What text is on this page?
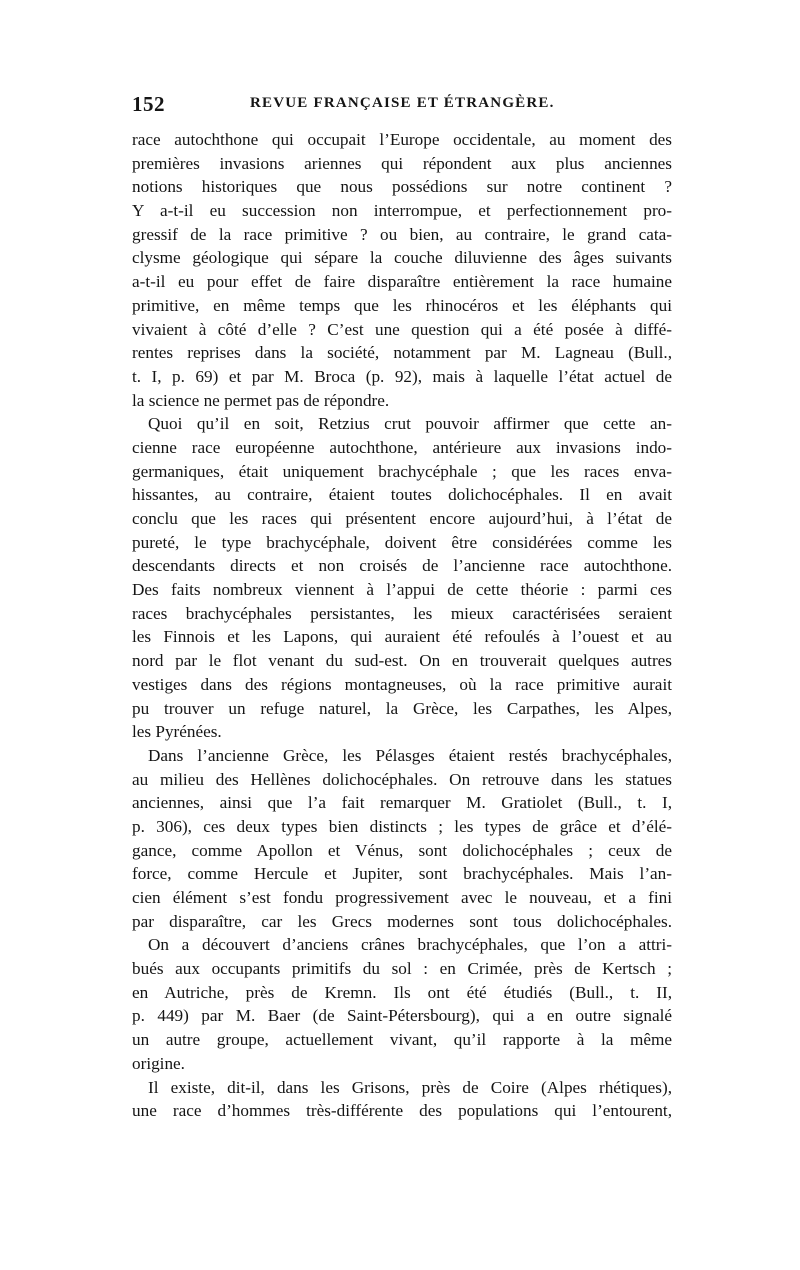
152	REVUE FRANÇAISE ET ÉTRANGÈRE.
race autochthone qui occupait l’Europe occidentale, au moment des
premières invasions ariennes qui répondent aux plus anciennes
notions historiques que nous possédions sur notre continent ?
Y a-t-il eu succession non interrompue, et perfectionnement pro-
gressif de la race primitive ? ou bien, au contraire, le grand cata-
clysme géologique qui sépare la couche diluvienne des âges suivants
a-t-il eu pour effet de faire disparaître entièrement la race humaine
primitive, en même temps que les rhinocéros et les éléphants qui
vivaient à côté d’elle ? C’est une question qui a été posée à diffé-
rentes reprises dans la société, notamment par M. Lagneau (Bull.,
t. I, p. 69) et par M. Broca (p. 92), mais à laquelle l’état actuel de
la science ne permet pas de répondre.
Quoi qu’il en soit, Retzius crut pouvoir affirmer que cette an-
cienne race européenne autochthone, antérieure aux invasions indo-
germaniques, était uniquement brachycéphale ; que les races enva-
hissantes, au contraire, étaient toutes dolichocéphales. Il en avait
conclu que les races qui présentent encore aujourd’hui, à l’état de
pureté, le type brachycéphale, doivent être considérées comme les
descendants directs et non croisés de l’ancienne race autochthone.
Des faits nombreux viennent à l’appui de cette théorie : parmi ces
races brachycéphales persistantes, les mieux caractérisées seraient
les Finnois et les Lapons, qui auraient été refoulés à l’ouest et au
nord par le flot venant du sud-est. On en trouverait quelques autres
vestiges dans des régions montagneuses, où la race primitive aurait
pu trouver un refuge naturel, la Grèce, les Carpathes, les Alpes,
les Pyrénées.
Dans l’ancienne Grèce, les Pélasges étaient restés brachycéphales,
au milieu des Hellènes dolichocéphales. On retrouve dans les statues
anciennes, ainsi que l’a fait remarquer M. Gratiolet (Bull., t. I,
p. 306), ces deux types bien distincts ; les types de grâce et d’élé-
gance, comme Apollon et Vénus, sont dolichocéphales ; ceux de
force, comme Hercule et Jupiter, sont brachycéphales. Mais l’an-
cien élément s’est fondu progressivement avec le nouveau, et a fini
par disparaître, car les Grecs modernes sont tous dolichocéphales.
On a découvert d’anciens crânes brachycéphales, que l’on a attri-
bués aux occupants primitifs du sol : en Crimée, près de Kertsch ;
en Autriche, près de Kremn. Ils ont été étudiés (Bull., t. II,
p. 449) par M. Baer (de Saint-Pétersbourg), qui a en outre signalé
un autre groupe, actuellement vivant, qu’il rapporte à la même
origine.
Il existe, dit-il, dans les Grisons, près de Coire (Alpes rhétiques),
une race d’hommes très-différente des populations qui l’entourent,
